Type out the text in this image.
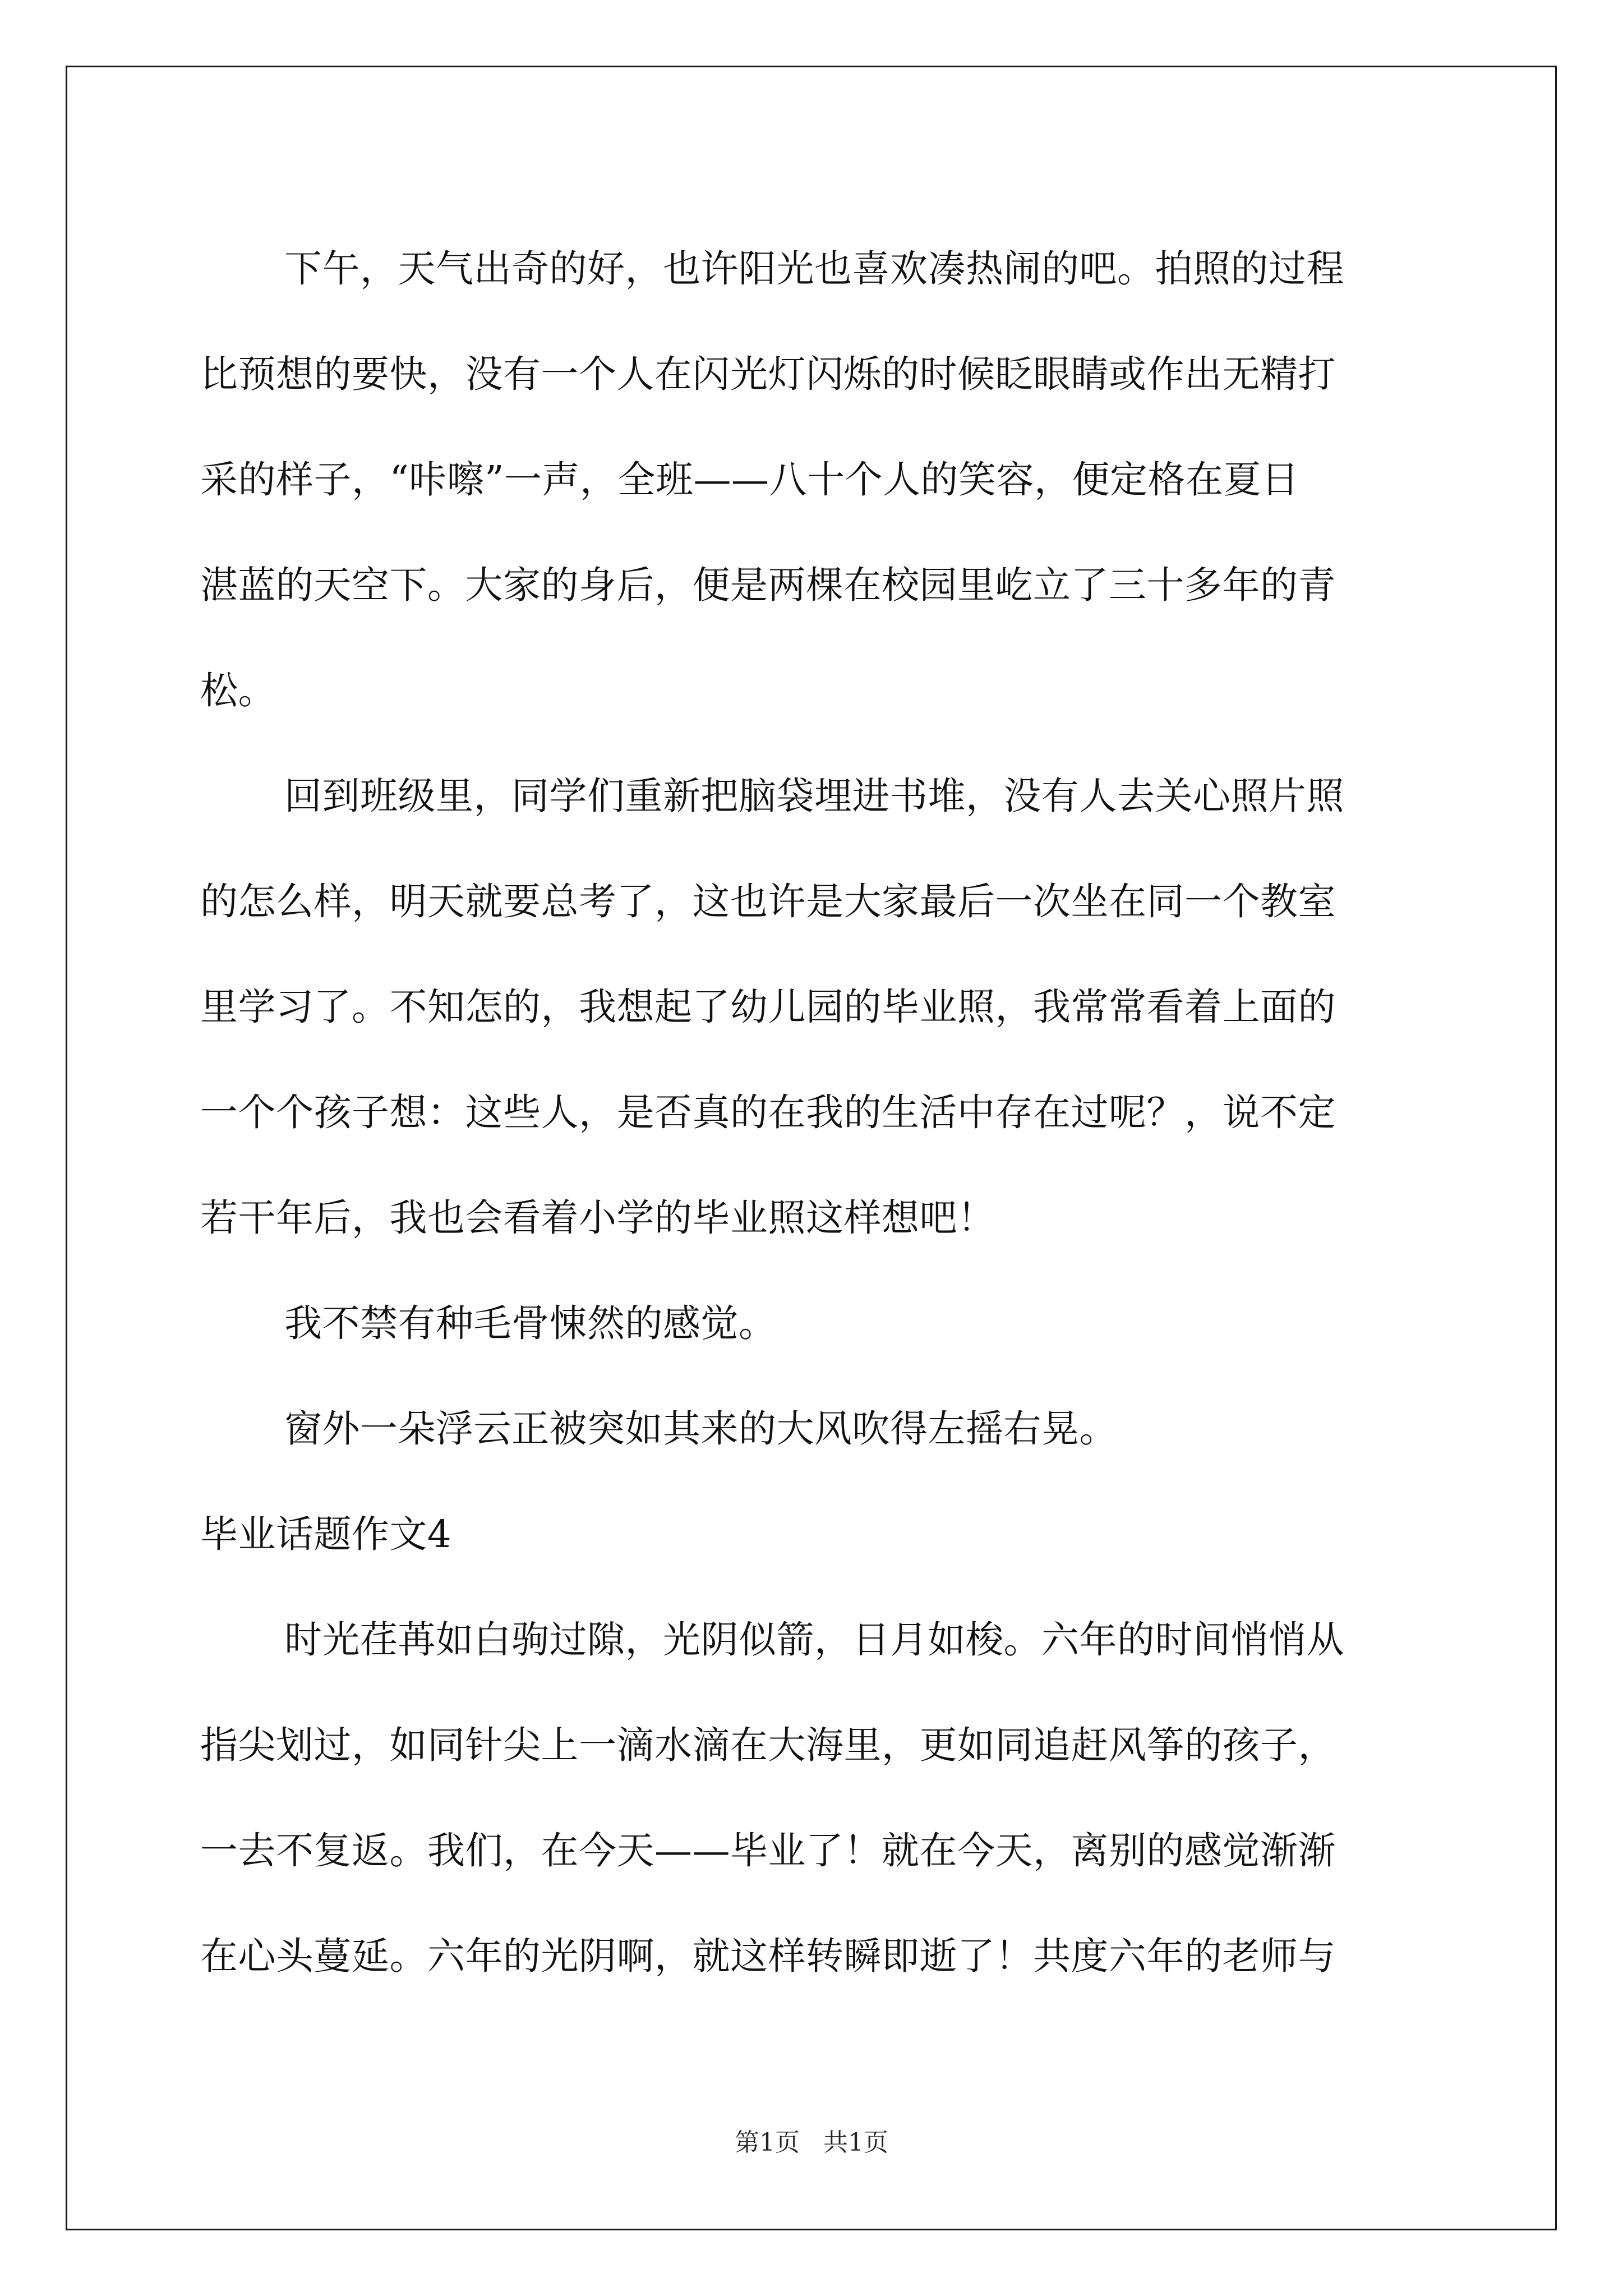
下午，天气出奇的好，也许阳光也喜欢凑热闹的吧。拍照的过程
比预想的要快，没有一个人在闪光灯闪烁的时候眨眼睛或作出无精打
采的样子，“咔嚓”一声，全班——八十个人的笑容，便定格在夏日
湛蓝的天空下。大家的身后，便是两棵在校园里屹立了三十多年的青
松。
回到班级里，同学们重新把脑袋埋进书堆，没有人去关心照片照
的怎么样，明天就要总考了，这也许是大家最后一次坐在同一个教室
里学习了。不知怎的，我想起了幼儿园的毕业照，我常常看着上面的
一个个孩子想：这些人，是否真的在我的生活中存在过呢？，说不定
若干年后，我也会看着小学的毕业照这样想吧！
我不禁有种毛骨悚然的感觉。
窗外一朵浮云正被突如其来的大风吹得左摇右晃。
毕业话题作文4
时光荏苒如白驹过隙，光阴似箭，日月如梭。六年的时间悄悄从
指尖划过，如同针尖上一滴水滴在大海里，更如同追赶风筝的孩子，
一去不复返。我们，在今天——毕业了！就在今天，离别的感觉渐渐
在心头蔓延。六年的光阴啊，就这样转瞬即逝了！共度六年的老师与
第1页   共1页
